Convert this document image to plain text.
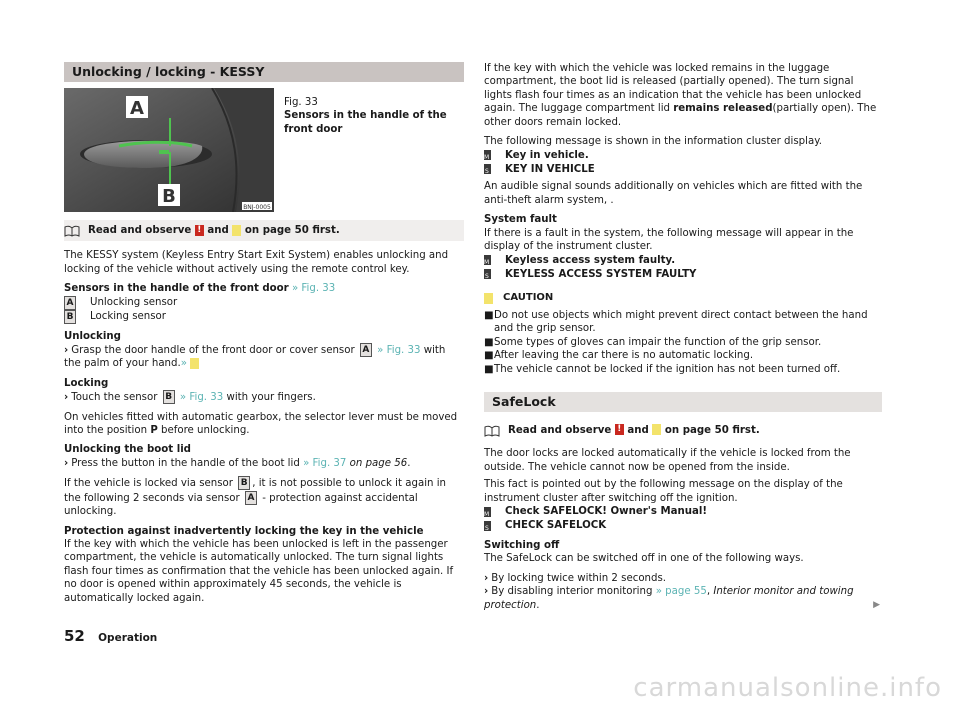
Unlocking / locking - KESSY
A
B
BNJ-0005
Fig. 33
Sensors in the handle of the front door
Read and observe ! and on page 50 first.

The KESSY system (Keyless Entry Start Exit System) enables unlocking and locking of the vehicle without actively using the remote control key.

Sensors in the handle of the front door » Fig. 33

A Unlocking sensor
B Locking sensor

Unlocking

› Grasp the door handle of the front door or cover sensor A » Fig. 33 with the palm of your hand.»

Locking

› Touch the sensor B » Fig. 33 with your fingers.

On vehicles fitted with automatic gearbox, the selector lever must be moved into the position P before unlocking.

Unlocking the boot lid

› Press the button in the handle of the boot lid » Fig. 37 on page 56.

If the vehicle is locked via sensor B , it is not possible to unlock it again in the following 2 seconds via sensor A - protection against accidental unlocking.

Protection against inadvertently locking the key in the vehicle

If the key with which the vehicle has been unlocked is left in the passenger compartment, the vehicle is automatically unlocked. The turn signal lights flash four times as confirmation that the vehicle has been unlocked again. If no door is opened within approximately 45 seconds, the vehicle is automatically locked again.

If the key with which the vehicle was locked remains in the luggage compartment, the boot lid is released (partially opened). The turn signal lights flash four times as an indication that the vehicle has been unlocked again. The luggage compartment lid remains released(partially open). The other doors remain locked.

The following message is shown in the information cluster display.

M
Key in vehicle.
S
KEY IN VEHICLE

An audible signal sounds additionally on vehicles which are fitted with the anti-theft alarm system, .

System fault

If there is a fault in the system, the following message will appear in the display of the instrument cluster.

M
Keyless access system faulty.
S
KEYLESS ACCESS SYSTEM FAULTY
CAUTION
■ Do not use objects which might prevent direct contact between the hand and the grip sensor.
■ Some types of gloves can impair the function of the grip sensor.
■ After leaving the car there is no automatic locking.
■ The vehicle cannot be locked if the ignition has not been turned off.
SafeLock
Read and observe ! and on page 50 first.

The door locks are locked automatically if the vehicle is locked from the outside. The vehicle cannot now be opened from the inside.

This fact is pointed out by the following message on the display of the instrument cluster after switching off the ignition.

M
Check SAFELOCK! Owner's Manual!
S
CHECK SAFELOCK

Switching off

The SafeLock can be switched off in one of the following ways.

› By locking twice within 2 seconds.

› By disabling interior monitoring » page 55, Interior monitor and towing protection.	▶

52 Operation
carmanualsonline.info
